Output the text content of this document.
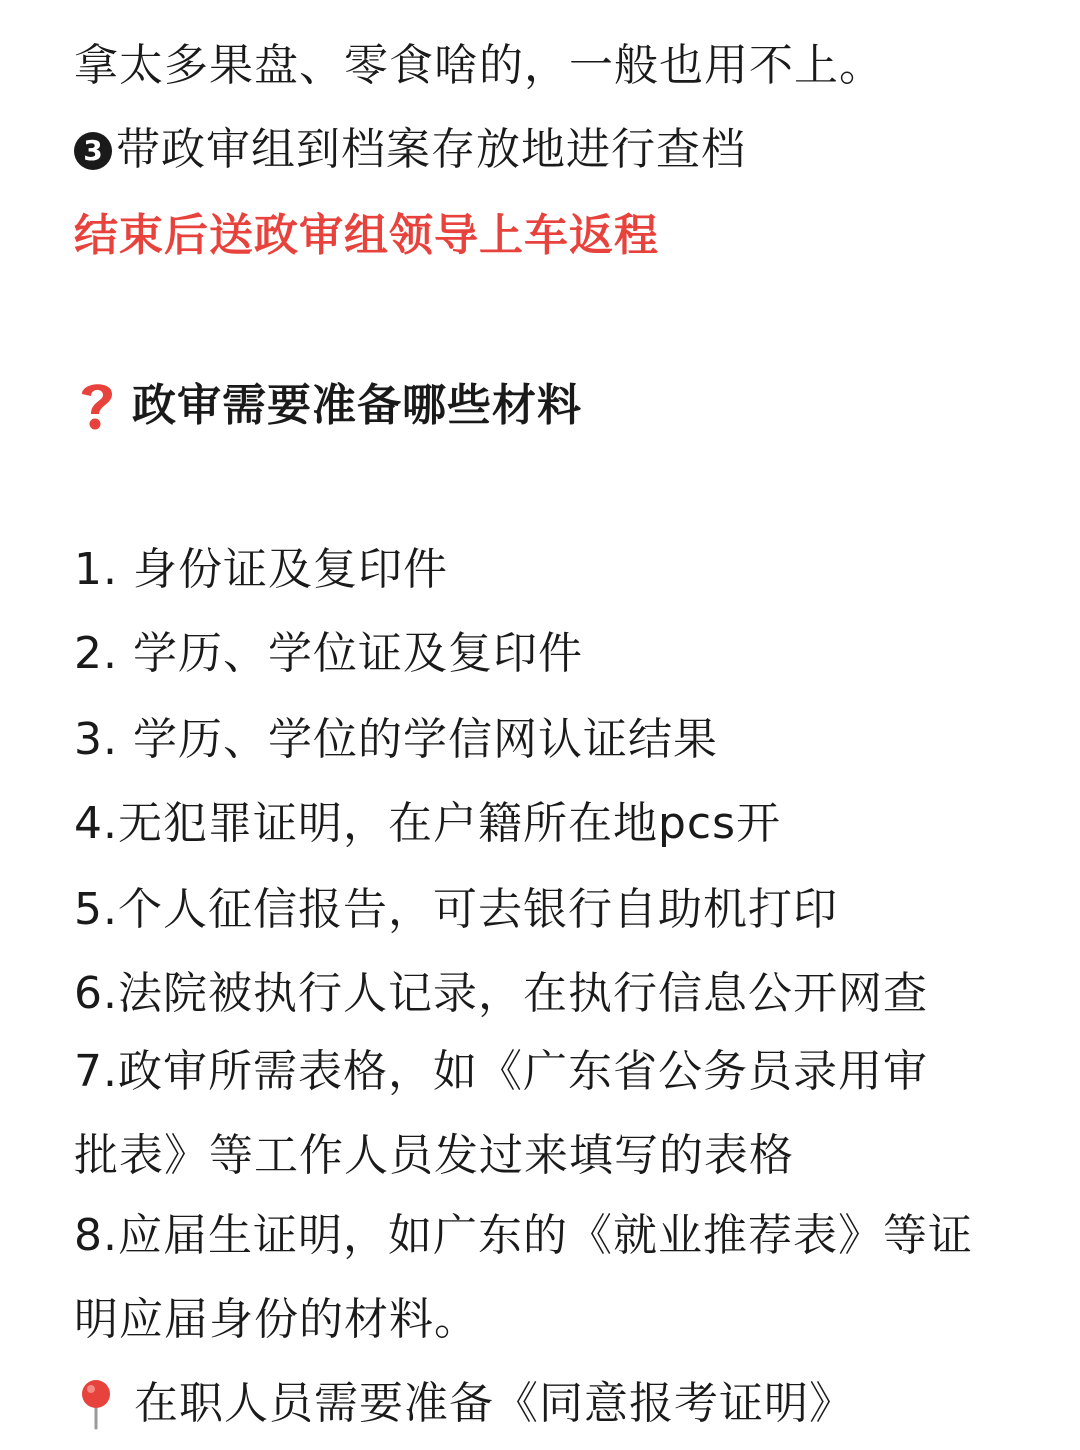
拿太多果盘、零食啥的，一般也用不上。
3 带政审组到档案存放地进行查档
结束后送政审组领导上车返程
政审需要准备哪些材料
1. 身份证及复印件
2. 学历、学位证及复印件
3. 学历、学位的学信网认证结果
4.无犯罪证明，在户籍所在地pcs开
5.个人征信报告，可去银行自助机打印
6.法院被执行人记录，在执行信息公开网查
7.政审所需表格，如《广东省公务员录用审
批表》等工作人员发过来填写的表格
8.应届生证明，如广东的《就业推荐表》等证
明应届身份的材料。
在职人员需要准备《同意报考证明》
